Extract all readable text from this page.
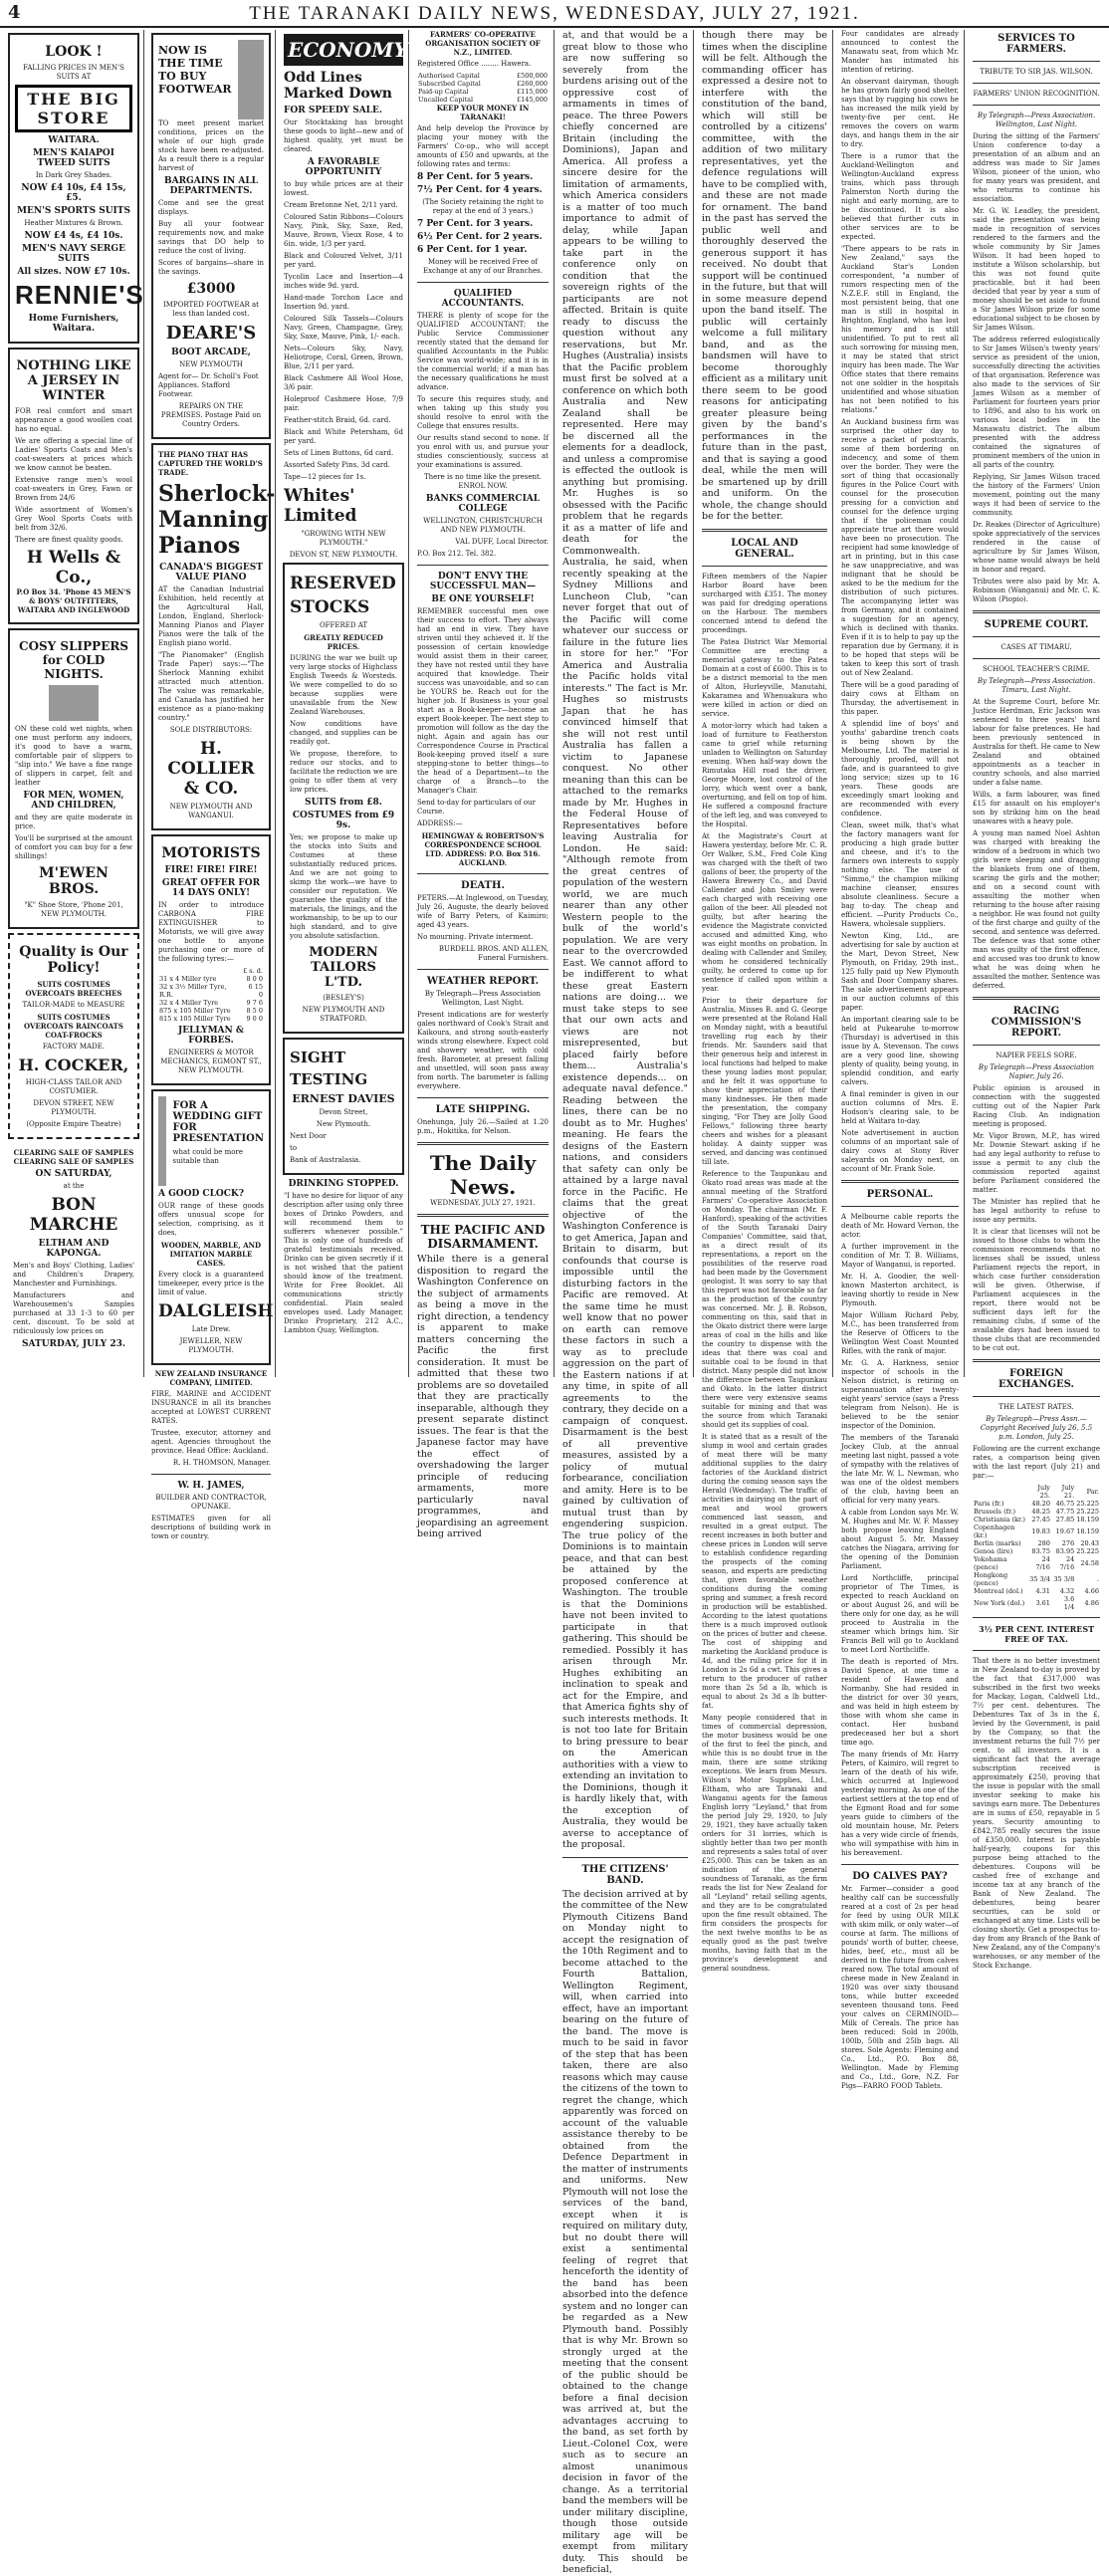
4	THE TARANAKI DAILY NEWS, WEDNESDAY, JULY 27, 1921.
LOOK !

FALLING PRICES IN MEN'S SUITS AT

THE BIG STORE

WAITARA.

MEN'S KAIAPOI TWEED SUITS

In Dark Grey Shades.

NOW £4 10s, £4 15s, £5.

MEN'S SPORTS SUITS

Heather Mixtures & Brown.

NOW £4 4s, £4 10s.

MEN'S NAVY SERGE SUITS

All sizes. NOW £7 10s.

RENNIE'S

Home Furnishers, Waitara.

NOTHING LIKE A JERSEY IN WINTER

FOR real comfort and smart appearance a good woollen coat has no equal.

We are offering a special line of Ladies' Sports Coats and Men's coat-sweaters at prices which we know cannot be beaten.

Extensive range men's wool coat-sweaters in Grey, Fawn or Brown from 24/6

Wide assortment of Women's Grey Wool Sports Coats with belt from 32/6.

There are finest quality goods.

H Wells & Co.,

P.O Box 34. 'Phone 45 MEN'S & BOYS' OUTFITTERS, WAITARA AND INGLEWOOD

COSY SLIPPERS for COLD NIGHTS.

ON these cold wet nights, when one must perform any indoors, it's good to have a warm, comfortable pair of slippers to "slip into." We have a fine range of slippers in carpet, felt and leather

FOR MEN, WOMEN, AND CHILDREN,

and they are quite moderate in price.

You'll be surprised at the amount of comfort you can buy for a few shillings!

M'EWEN BROS.

"K" Shoe Store, 'Phone 201, NEW PLYMOUTH.

Quality is Our Policy!

SUITS COSTUMES OVERCOATS BREECHES

TAILOR-MADE to MEASURE

SUITS COSTUMES OVERCOATS RAINCOATS COAT-FROCKS

FACTORY MADE.

H. COCKER,

HIGH-CLASS TAILOR AND COSTUMIER.

DEVON STREET, NEW PLYMOUTH.

(Opposite Empire Theatre)

CLEARING SALE OF SAMPLES CLEARING SALE OF SAMPLES

ON SATURDAY,

at the

BON MARCHE

ELTHAM AND KAPONGA.

Men's and Boys' Clothing, Ladies' and Children's Drapery, Manchester and Furnishings.

Manufacturers and Warehousemen's Samples purchased at 33 1-3 to 60 per cent. discount. To be sold at ridiculously low prices on

SATURDAY, JULY 23.

NOW IS THE TIME TO BUY FOOTWEAR

TO meet present market conditions, prices on the whole of our high grade stock have been re-adjusted. As a result there is a regular harvest of

BARGAINS IN ALL DEPARTMENTS.

Come and see the great displays.

Buy all your footwear requirements now, and make savings that DO help to reduce the cost of living.

Scores of bargains—share in the savings.

£3000

IMPORTED FOOTWEAR at less than landed cost.

DEARE'S

BOOT ARCADE,

NEW PLYMOUTH

Agent for— Dr. Scholl's Foot Appliances. Stafford Footwear.

REPAIRS ON THE PREMISES. Postage Paid on Country Orders.

THE PIANO THAT HAS CAPTURED THE WORLD'S TRADE.

Sherlock-Manning Pianos

CANADA'S BIGGEST VALUE PIANO

AT the Canadian Industrial Exhibition, held recently at the Agricultural Hall, London, England, Sherlock-Manning Pianos and Player Pianos were the talk of the English piano world.

"The Pianomaker" (English Trade Paper) says:—"The Sherlock Manning exhibit attracted much attention. The value was remarkable, and Canada has justified her existence as a piano-making country."

SOLE DISTRIBUTORS:

H. COLLIER & CO.

NEW PLYMOUTH AND WANGANUI.

MOTORISTS

FIRE! FIRE! FIRE!

GREAT OFFER FOR 14 DAYS ONLY!

IN order to introduce CARBONA FIRE EXTINGUISHER to Motorists, we will give away one bottle to anyone purchasing one or more of the following tyres:—

	£ s. d.
31 x 4 Miller tyre	8 0 0
32 x 3½ Miller Tyre, R.R.	6 15 0
32 x 4 Miller Tyre	9 7 6
875 x 105 Miller Tyre	8 5 0
815 x 105 Miller Tyre	9 0 0

JELLYMAN & FORBES.

ENGINEERS & MOTOR MECHANICS, EGMONT ST., NEW PLYMOUTH.

FOR A WEDDING GIFT FOR PRESENTATION

what could be more suitable than

A GOOD CLOCK?

OUR range of these goods offers unusual scope for selection, comprising, as it does,

WOODEN, MARBLE, AND IMITATION MARBLE CASES.

Every clock is a guaranteed timekeeper, every price is the limit of value.

DALGLEISH

Late Drew.

JEWELLER, NEW PLYMOUTH.

NEW ZEALAND INSURANCE COMPANY, LIMITED.

FIRE, MARINE and ACCIDENT INSURANCE in all its branches accepted at LOWEST CURRENT RATES.

Trustee, executor, attorney and agent. Agencies throughout the province. Head Office: Auckland.

R. H. THOMSON, Manager.

W. H. JAMES,

BUILDER AND CONTRACTOR, OPUNAKE.

ESTIMATES given for all descriptions of building work in town or country.

ECONOMY
Odd Lines Marked Down

FOR SPEEDY SALE.

Our Stocktaking has brought these goods to light—new and of highest quality, yet must be cleared.

A FAVORABLE OPPORTUNITY

to buy while prices are at their lowest.

Cream Bretonne Net, 2/11 yard.

Coloured Satin Ribbons—Colours Navy, Pink, Sky, Saxe, Red, Mauve, Brown, Vieux Rose, 4 to 6in. wide, 1/3 per yard.

Black and Coloured Velvet, 3/11 per yard.

Tycolin Lace and Insertion—4 inches wide 9d. yard.

Hand-made Torchon Lace and Insertion 9d. yard.

Coloured Silk Tassels—Colours Navy, Green, Champagne, Grey, Sky, Saxe, Mauve, Pink, 1/- each.

Nets—Colours Sky, Navy, Heliotrope, Coral, Green, Brown, Blue, 2/11 per yard.

Black Cashmere All Wool Hose, 3/6 pair.

Holeproof Cashmere Hose, 7/9 pair.

Feather-stitch Braid, 6d. card.

Black and White Petersham, 6d per yard.

Sets of Linen Buttons, 6d card.

Assorted Safety Pins, 3d card.

Tape—12 pieces for 1s.

Whites' Limited

"GROWING WITH NEW PLYMOUTH."

DEVON ST, NEW PLYMOUTH.

RESERVED
STOCKS

OFFERED AT

GREATLY REDUCED PRICES.

DURING the war we built up very large stocks of Highclass English Tweeds & Worsteds. We were compelled to do so because supplies were unavailable from the New Zealand Warehouses.

Now conditions have changed, and supplies can be readily got.

We propose, therefore, to reduce our stocks, and to facilitate the reduction we are going to offer them at very low prices.

SUITS from £8.

COSTUMES from £9 9s.

Yes; we propose to make up the stocks into Suits and Costumes at these substantially reduced prices. And we are not going to skimp the work—we have to consider our reputation. We guarantee the quality of the materials, the linings, and the workmanship, to be up to our high standard, and to give you absolute satisfaction.

MODERN TAILORS L'TD.

(BESLEY'S)

NEW PLYMOUTH AND STRATFORD.

SIGHT
TESTING

ERNEST DAVIES

Devon Street,

New Plymouth.

Next Door

to

Bank of Australasia.

DRINKING STOPPED.

"I have no desire for liquor of any description after using only three boxes of Drinko Powders, and will recommend them to sufferers whenever possible." This is only one of hundreds of grateful testimonials received. Drinko can be given secretly if it is not wished that the patient should know of the treatment. Write for Free Booklet. All communications strictly confidential. Plain sealed envelopes used. Lady Manager, Drinko Proprietary, 212 A.C., Lambton Quay, Wellington.

FARMERS' CO-OPERATIVE ORGANISATION SOCIETY OF N.Z., LIMITED.

Registered Office ........ Hawera.

Authorised Capital	£500,000
Subscribed Capital	£260,000
Paid-up Capital	£115,000
Uncalled Capital	£145,000

KEEP YOUR MONEY IN TARANAKI!

And help develop the Province by placing your money with the Farmers' Co-op., who will accept amounts of £50 and upwards, at the following rates and terms:

8 Per Cent. for 5 years.

7½ Per Cent. for 4 years.

(The Society retaining the right to repay at the end of 3 years.)

7 Per Cent. for 3 years.

6½ Per Cent. for 2 years.

6 Per Cent. for 1 year.

Money will be received Free of Exchange at any of our Branches.

QUALIFIED ACCOUNTANTS.

THERE is plenty of scope for the QUALIFIED ACCOUNTANT; the Public Service Commissioner recently stated that the demand for qualified Accountants in the Public Service was world-wide; and it is in the commercial world; if a man has the necessary qualifications he must advance.

To secure this requires study, and when taking up this study you should resolve to enrol with the College that ensures results.

Our results stand second to none. If you enrol with us, and pursue your studies conscientiously, success at your examinations is assured.

There is no time like the present. ENROL NOW.

BANKS COMMERCIAL COLLEGE

WELLINGTON, CHRISTCHURCH AND NEW PLYMOUTH.

VAL DUFF, Local Director.

P.O. Box 212. Tel. 382.

DON'T ENVY THE SUCCESSFUL MAN—

BE ONE YOURSELF!

REMEMBER successful men owe their success to effort. They always had an end in view. They have striven until they achieved it. If the possession of certain knowledge would assist them in their career, they have not rested until they have acquired that knowledge. Their success was unavoidable, and so can be YOURS be. Reach out for the higher job. If Business is your goal start as a Book-keeper—become an expert Book-keeper. The next step to promotion will follow as the day the night. Again and again has our Correspondence Course in Practical Book-keeping proved itself a sure stepping-stone to better things—to the head of a Department—to the charge of a Branch—to the Manager's Chair.

Send to-day for particulars of our Course.

ADDRESS:—

HEMINGWAY & ROBERTSON'S CORRESPONDENCE SCHOOL LTD. ADDRESS: P.O. Box 516. AUCKLAND.

DEATH.

PETERS.—At Inglewood, on Tuesday, July 26, Auguste, the dearly beloved wife of Barry Peters, of Kaimiro; aged 43 years.

No mourning. Private interment.

BURDELL BROS. AND ALLEN, Funeral Furnishers.

WEATHER REPORT.

By Telegraph—Press Association Wellington, Last Night.

Present indications are for westerly gales northward of Cook's Strait and Kaikoura, and strong south-easterly winds strong elsewhere. Expect cold and showery weather, with cold fresh. Barometer, at present falling and unsettled, will soon pass away from north. The barometer is falling everywhere.

LATE SHIPPING.

Onehunga, July 26.—Sailed at 1.20 p.m., Hokitika, for Nelson.

The Daily News.

WEDNESDAY, JULY 27, 1921.

THE PACIFIC AND DISARMAMENT.

While there is a general disposition to regard the Washington Conference on the subject of armaments as being a move in the right direction, a tendency is apparent to make matters concerning the Pacific the first consideration. It must be admitted that these two problems are so dovetailed that they are practically inseparable, although they present separate distinct issues. The fear is that the Japanese factor may have the effect of overshadowing the larger principle of reducing armaments, more particularly naval programmes, and jeopardising an agreement being arrived

at, and that would be a great blow to those who are now suffering so severely from the burdens arising out of the oppressive cost of armaments in times of peace. The three Powers chiefly concerned are Britain (including the Dominions), Japan and America. All profess a sincere desire for the limitation of armaments, which America considers is a matter of too much importance to admit of delay, while Japan appears to be willing to take part in the conference only on condition that the sovereign rights of the participants are not affected. Britain is quite ready to discuss the question without any reservations, but Mr. Hughes (Australia) insists that the Pacific problem must first be solved at a conference on which both Australia and New Zealand shall be represented. Here may be discerned all the elements for a deadlock, and unless a compromise is effected the outlook is anything but promising. Mr. Hughes is so obsessed with the Pacific problem that he regards it as a matter of life and death for the Commonwealth. Australia, he said, when recently speaking at the Sydney Millions and Luncheon Club, "can never forget that out of the Pacific will come whatever our success or failure in the future lies in store for her." "For America and Australia the Pacific holds vital interests." The fact is Mr. Hughes so mistrusts Japan that he has convinced himself that she will not rest until Australia has fallen a victim to Japanese conquest. No other meaning than this can be attached to the remarks made by Mr. Hughes in the Federal House of Representatives before leaving Australia for London. He said: "Although remote from the great centres of population of the western world, we are much nearer than any other Western people to the bulk of the world's population. We are very near to the overcrowded East. We cannot afford to be indifferent to what these great Eastern nations are doing... we must take steps to see that our own acts and views are not misrepresented, but placed fairly before them... Australia's existence depends... on adequate naval defence." Reading between the lines, there can be no doubt as to Mr. Hughes' meaning. He fears the designs of the Eastern nations, and considers that safety can only be attained by a large naval force in the Pacific. He claims that the great objective of the Washington Conference is to get America, Japan and Britain to disarm, but confounds that course is impossible until the disturbing factors in the Pacific are removed. At the same time he must well know that no power on earth can remove these factors in such a way as to preclude aggression on the part of the Eastern nations if at any time, in spite of all agreements to the contrary, they decide on a campaign of conquest. Disarmament is the best of all preventive measures, assisted by a policy of mutual forbearance, conciliation and amity. Here is to be gained by cultivation of mutual trust than by engendering suspicion. The true policy of the Dominions is to maintain peace, and that can best be attained by the proposed conference at Washington. The trouble is that the Dominions have not been invited to participate in that gathering. This should be remedied. Possibly it has arisen through Mr. Hughes exhibiting an inclination to speak and act for the Empire, and that America fights shy of such interests methods. It is not too late for Britain to bring pressure to bear on the American authorities with a view to extending an invitation to the Dominions, though it is hardly likely that, with the exception of Australia, they would be averse to acceptance of the proposal.

THE CITIZENS' BAND.

The decision arrived at by the committee of the New Plymouth Citizens Band on Monday night to accept the resignation of the 10th Regiment and to become attached to the Fourth Battalion, Wellington Regiment, will, when carried into effect, have an important bearing on the future of the band. The move is much to be said in favor of the step that has been taken, there are also reasons which may cause the citizens of the town to regret the change, which apparently was forced on account of the valuable assistance thereby to be obtained from the Defence Department in the matter of instruments and uniforms. New Plymouth will not lose the services of the band, except when it is required on military duty, but no doubt there will exist a sentimental feeling of regret that henceforth the identity of the band has been absorbed into the defence system and no longer can be regarded as a New Plymouth band. Possibly that is why Mr. Brown so strongly urged at the meeting that the consent of the public should be obtained to the change before a final decision was arrived at, but the advantages accruing to the band, as set forth by Lieut.-Colonel Cox, were such as to secure an almost unanimous decision in favor of the change. As a territorial band the members will be under military discipline, though those outside military age will be exempt from military duty. This should be beneficial,

though there may be times when the discipline will be felt. Although the commanding officer has expressed a desire not to interfere with the constitution of the band, which will still be controlled by a citizens' committee, with the addition of two military representatives, yet the defence regulations will have to be complied with, and these are not made for ornament. The band in the past has served the public well and thoroughly deserved the generous support it has received. No doubt that support will be continued in the future, but that will in some measure depend upon the band itself. The public will certainly welcome a full military band, and as the bandsmen will have to become thoroughly efficient as a military unit there seem to be good reasons for anticipating greater pleasure being given by the band's performances in the future than in the past, and that is saying a good deal, while the men will be smartened up by drill and uniform. On the whole, the change should be for the better.

LOCAL AND GENERAL.

Fifteen members of the Napier Harbor Board have been surcharged with £351. The money was paid for dredging operations on the Harbour. The members concerned intend to defend the proceedings.

The Patea District War Memorial Committee are erecting a memorial gateway to the Patea Domain at a cost of £600. This is to be a district memorial to the men of Alton, Hurleyville, Manutahi, Kakaramea and Whenuakura who were killed in action or died on service.

A motor-lorry which had taken a load of furniture to Featherston came to grief while returning unladen to Wellington on Saturday evening. When half-way down the Rimutaka Hill road the driver, George Moore, lost control of the lorry, which went over a bank, overturning, and fell on top of him. He suffered a compound fracture of the left leg, and was conveyed to the Hospital.

At the Magistrate's Court at Hawera yesterday, before Mr. C. R. Orr Walker, S.M., Fred Cole King was charged with the theft of two gallons of beer, the property of the Hawera Brewery Co., and David Callender and John Smiley were each charged with receiving one gallon of the beer. All pleaded not guilty, but after hearing the evidence the Magistrate convicted accused and admitted King, who was eight months on probation. In dealing with Callender and Smiley, whom he considered technically guilty, he ordered to come up for sentence if called upon within a year.

Prior to their departure for Australia, Misses B. and G. George were presented at the Roland Hall on Monday night, with a beautiful travelling rug each by their friends. Mr. Saunders said that their generous help and interest in local functions had helped to make these young ladies most popular, and he felt it was opportune to show their appreciation of their many kindnesses. He then made the presentation, the company singing, "For They are Jolly Good Fellows," following three hearty cheers and wishes for a pleasant holiday. A dainty supper was served, and dancing was continued till late.

Reference to the Taupunkau and Okato road areas was made at the annual meeting of the Stratford Farmers' Co-operative Association on Monday. The chairman (Mr. F. Hanford), speaking of the activities of the South Taranaki Dairy Companies' Committee, said that, as a direct result of its representations, a report on the possibilities of the reserve road had been made by the Government geologist. It was sorry to say that this report was not favorable so far as the production of the country was concerned. Mr. J. B. Robson, commenting on this, said that in the Okato district there were large areas of coal in the hills and like the country to dispense with the ideas that there was coal and suitable coal to be found in that district. Many people did not know the difference between Taupunkau and Okato. In the latter district there were very extensive seams suitable for mining and that was the source from which Taranaki should get its supplies of coal.

It is stated that as a result of the slump in wool and certain grades of meat there will be many additional supplies to the dairy factories of the Auckland district during the coming season says the Herald (Wednesday). The traffic of activities in dairying on the part of meat and wool growers commenced last season, and resulted in a great output. The recent increases in both butter and cheese prices in London will serve to establish confidence regarding the prospects of the coming season, and experts are predicting that, given favorable weather conditions during the coming spring and summer, a fresh record in production will be established. According to the latest quotations there is a much improved outlook on the prices of butter and cheese. The cost of shipping and marketing the Auckland produce is 4d, and the ruling price for it in London is 2s 6d a cwt. This gives a return to the producer of rather more than 2s 5d a lb, which is equal to about 2s 3d a lb butter-fat.

Many people considered that in times of commercial depression, the motor business would be one of the first to feel the pinch, and while this is no doubt true in the main, there are some striking exceptions. We learn from Messrs. Wilson's Motor Supplies, Ltd., Eltham, who are Taranaki and Wanganui agents for the famous English lorry "Leyland," that from the period July 29, 1920, to July 29, 1921, they have actually taken orders for 31 lorries, which is slightly better than two per month and represents a sales total of over £25,000. This can be taken as an indication of the general soundness of Taranaki, as the firm reads the list for New Zealand for all "Leyland" retail selling agents, and they are to be congratulated upon the fine result obtained. The firm considers the prospects for the next twelve months to be as equally good as the past twelve months, having faith that in the province's development and general soundness.

Four candidates are already announced to contest the Manawatu seat, from which Mr. Mander has intimated his intention of retiring.

An observant dairyman, though he has grown fairly good shelter, says that by rugging his cows he has increased the milk yield by twenty-five per cent. He removes the covers on warm days, and hangs them in the air to dry.

There is a rumor that the Auckland-Wellington and Wellington-Auckland express trains, which pass through Palmerston North during the night and early morning, are to be discontinued. It is also believed that further cuts in other services are to be expected.

"There appears to be rats in New Zealand," says the Auckland Star's London correspondent, "a number of rumors respecting men of the N.Z.E.F. still in England, the most persistent being, that one man is still in hospital in Brighton, England, who has lost his memory and is still unidentified. To put to rest all such sorrowing for missing men, it may be stated that strict inquiry has been made. The War Office states that there remains not one soldier in the hospitals unidentified and whose situation has not been notified to his relations."

An Auckland business firm was surprised the other day to receive a packet of postcards, some of them bordering on indecency, and some of them over the border. They were the sort of thing that occasionally figures in the Police Court with counsel for the prosecution pressing for a conviction and counsel for the defence urging that if the policeman could appreciate true art there would have been no prosecution. The recipient had some knowledge of art in printing, but in this case he saw unappreciative, and was indignant that he should be asked to be the medium for the distribution of such pictures. The accompanying letter was from Germany, and it contained a suggestion for an agency, which is declined with thanks. Even if it is to help to pay up the reparation due by Germany, it is to be hoped that steps will be taken to keep this sort of trash out of New Zealand.

There will be a good parading of dairy cows at Eltham on Thursday, the advertisement in this paper.

A splendid line of boys' and youths' gabardine trench coats is being shown by the Melbourne, Ltd. The material is thoroughly proofed, will not fade, and is guaranteed to give long service; sizes up to 16 years. These goods are exceedingly smart looking and are recommended with every confidence.

Clean, sweet milk, that's what the factory managers want for producing a high grade butter and cheese, and it's to the farmers own interests to supply nothing else. The use of "Simmo," the champion milking machine cleanser, ensures absolute cleanliness. Secure a bag to-day. The cheap and efficient. —Purity Products Co., Hawera, wholesale suppliers.

Newton King, Ltd., are advertising for sale by auction at the Mart, Devon Street, New Plymouth, on Friday, 29th inst., 125 fully paid up New Plymouth Sash and Door Company shares. The sale advertisement appears in our auction columns of this paper.

An important clearing sale to be held at Pukearuhe to-morrow (Thursday) is advertised in this issue by A. Stevenson. The cows are a very good line, showing plenty of quality, being young, in splendid condition, and early calvers.

A final reminder is given in our auction columns of Mrs. E. Hodson's clearing sale, to be held at Waitara to-day.

Note advertisement in auction columns of an important sale of dairy cows at Stony River saleyards on Monday next, on account of Mr. Frank Sole.

PERSONAL.

A Melbourne cable reports the death of Mr. Howard Vernon, the actor.

A further improvement in the condition of Mr. T. B. Williams, Mayor of Wanganui, is reported.

Mr. H. A. Goodier, the well-known Masterton architect, is leaving shortly to reside in New Plymouth.

Major William Richard Peby, M.C., has been transferred from the Reserve of Officers to the Wellington West Coast Mounted Rifles, with the rank of major.

Mr. G. A. Harkness, senior inspector of schools in the Nelson district, is retiring on superannuation after twenty-eight years' service (says a Press telegram from Nelson). He is believed to be the senior inspector of the Dominion.

The members of the Taranaki Jockey Club, at the annual meeting last night, passed a vote of sympathy with the relatives of the late Mr. W. L. Newman, who was one of the oldest members of the club, having been an official for very many years.

A cable from London says Mr. W. M. Hughes and Mr. W. F. Massey both propose leaving England about August 5. Mr. Massey catches the Niagara, arriving for the opening of the Dominion Parliament.

Lord Northcliffe, principal proprietor of The Times, is expected to reach Auckland on or about August 26, and will be there only for one day, as he will proceed to Australia in the steamer which brings him. Sir Francis Bell will go to Auckland to meet Lord Northcliffe.

The death is reported of Mrs. David Spence, at one time a resident of Hawera and Normanby. She had resided in the district for over 30 years, and was held in high esteem by those with whom she came in contact. Her husband predeceased her but a short time ago.

The many friends of Mr. Harry Peters, of Kaimiro, will regret to learn of the death of his wife, which occurred at Inglewood yesterday morning. As one of the earliest settlers at the top end of the Egmont Road and for some years guide to climbers of the old mountain house, Mr. Peters has a very wide circle of friends, who will sympathise with him in his bereavement.

DO CALVES PAY?

Mr. Farmer—consider a good healthy calf can be successfully reared at a cost of 2s per head for feed by using OUR MILK with skim milk, or only water—of course at farm. The millions of pounds' worth of butter, cheese, hides, beef, etc., must all be derived in the future from calves reared now. The total amount of cheese made in New Zealand in 1920 was over sixty thousand tons, while butter exceeded seventeen thousand tons. Feed your calves on CERMINOID—Milk of Cereals. The price has been reduced: Sold in 200lb, 100lb, 50lb and 25lb bags. All stores. Sole Agents: Fleming and Co., Ltd., P.O. Box 88, Wellington. Made by Fleming and Co., Ltd., Gore, N.Z. For Pigs—FARRO FOOD Tablets.

SERVICES TO FARMERS.

TRIBUTE TO SIR JAS. WILSON.

FARMERS' UNION RECOGNITION.

By Telegraph—Press Association. Wellington, Last Night.

During the sitting of the Farmers' Union conference to-day a presentation of an album and an address was made to Sir James Wilson, pioneer of the union, who for many years was president, and who returns to continue his association.

Mr. G. W. Leadley, the president, said the presentation was being made in recognition of services rendered to the farmers and the whole community by Sir James Wilson. It had been hoped to institute a Wilson scholarship, but this was not found quite practicable, but it had been decided that year by year a sum of money should be set aside to found a Sir James Wilson prize for some educational subject to be chosen by Sir James Wilson.

The address referred eulogistically to Sir James Wilson's twenty years' service as president of the union, successfully directing the activities of that organisation. Reference was also made to the services of Sir James Wilson as a member of Parliament for fourteen years prior to 1896, and also to his work on various local bodies in the Manawatu district. The album presented with the address contained the signatures of prominent members of the union in all parts of the country.

Replying, Sir James Wilson traced the history of the Farmers' Union movement, pointing out the many ways it had been of service to the community.

Dr. Reakes (Director of Agriculture) spoke appreciatively of the services rendered in the cause of agriculture by Sir James Wilson, whose name would always be held in honor and regard.

Tributes were also paid by Mr. A. Robinson (Wanganui) and Mr. C. K. Wilson (Piopio).

SUPREME COURT.

CASES AT TIMARU.

SCHOOL TEACHER'S CRIME.

By Telegraph—Press Association. Timaru, Last Night.

At the Supreme Court, before Mr. Justice Herdman, Eric Jackson was sentenced to three years' hard labour for false pretences. He had been previously sentenced in Australia for theft. He came to New Zealand and obtained appointments as a teacher in country schools, and also married under a false name.

Wills, a farm labourer, was fined £15 for assault on his employer's son by striking him on the head unawares with a heavy pole.

A young man named Noel Ashton was charged with breaking the window of a bedroom in which two girls were sleeping and dragging the blankets from one of them, scaring the girls and the mother; and on a second count with assaulting the mother when returning to the house after raising a neighbor. He was found not guilty of the first charge and guilty of the second, and sentence was deferred. The defence was that some other man was guilty of the first offence, and accused was too drunk to know what he was doing when he assaulted the mother. Sentence was deferred.

RACING COMMISSION'S REPORT.

NAPIER FEELS SORE.

By Telegraph—Press Association Napier, July 26.

Public opinion is aroused in connection with the suggested cutting out of the Napier Park Racing Club. An indignation meeting is proposed.

Mr. Vigor Brown, M.P., has wired Mr. Downie Stewart asking if he had any legal authority to refuse to issue a permit to any club the commission reported against before Parliament considered the matter.

The Minister has replied that he has legal authority to refuse to issue any permits.

It is clear that licenses will not be issued to those clubs to whom the commission recommends that no licenses shall be issued, unless Parliament rejects the report, in which case further consideration will be given. Otherwise, if Parliament acquiesces in the report, there would not be sufficient days left for the remaining clubs, if some of the available days had been issued to those clubs that are recommended to be cut out.

FOREIGN EXCHANGES.

THE LATEST RATES.

By Telegraph—Press Assn.—Copyright Received July 26, 5.5 p.m. London, July 25.

Following are the current exchange rates, a comparison being given with the last report (July 21) and par:—

	July 25.	July 21.	Par.
Paris (fr.)	48.20	46.75	25.225
Brussels (fr.)	48.25	47.75	25.225
Christiania (kr.)	27.45	27.85	18.159
Copenhagen (kr.)	19.83	19.67	18.159
Berlin (marks)	280	276	20.43
Genoa (lire)	83.75	83.95	25.225
Yokohama (pence)	24 7/16	24 7/16	24.58
Hongkong (pence)	35 3/4	35 3/8	.
Montreal (dol.)	4.31	4.32	4.66
New York (dol.)	3.61	3.6 1/4	4.86

3½ PER CENT. INTEREST FREE OF TAX.

That there is no better investment in New Zealand to-day is proved by the fact that £317,000 was subscribed in the first two weeks for Mackay, Logan, Caldwell Ltd., 7½ per cent. debentures. The Debentures Tax of 3s in the £, levied by the Government, is paid by the Company, so that the investment returns the full 7½ per cent. to all investors. It is a significant fact that the average subscription received is approximately £250, proving that the issue is popular with the small investor seeking to make his savings earn more. The Debentures are in sums of £50, repayable in 5 years. Security amounting to £842,785 really secures the issue of £350,000. Interest is payable half-yearly, coupons for this purpose being attached to the debentures. Coupons will be cashed free of exchange and income tax at any branch of the Bank of New Zealand. The debentures, being bearer securities, can be sold or exchanged at any time. Lists will be closing shortly. Get a prospectus to-day from any Branch of the Bank of New Zealand, any of the Company's warehouses, or any member of the Stock Exchange.
